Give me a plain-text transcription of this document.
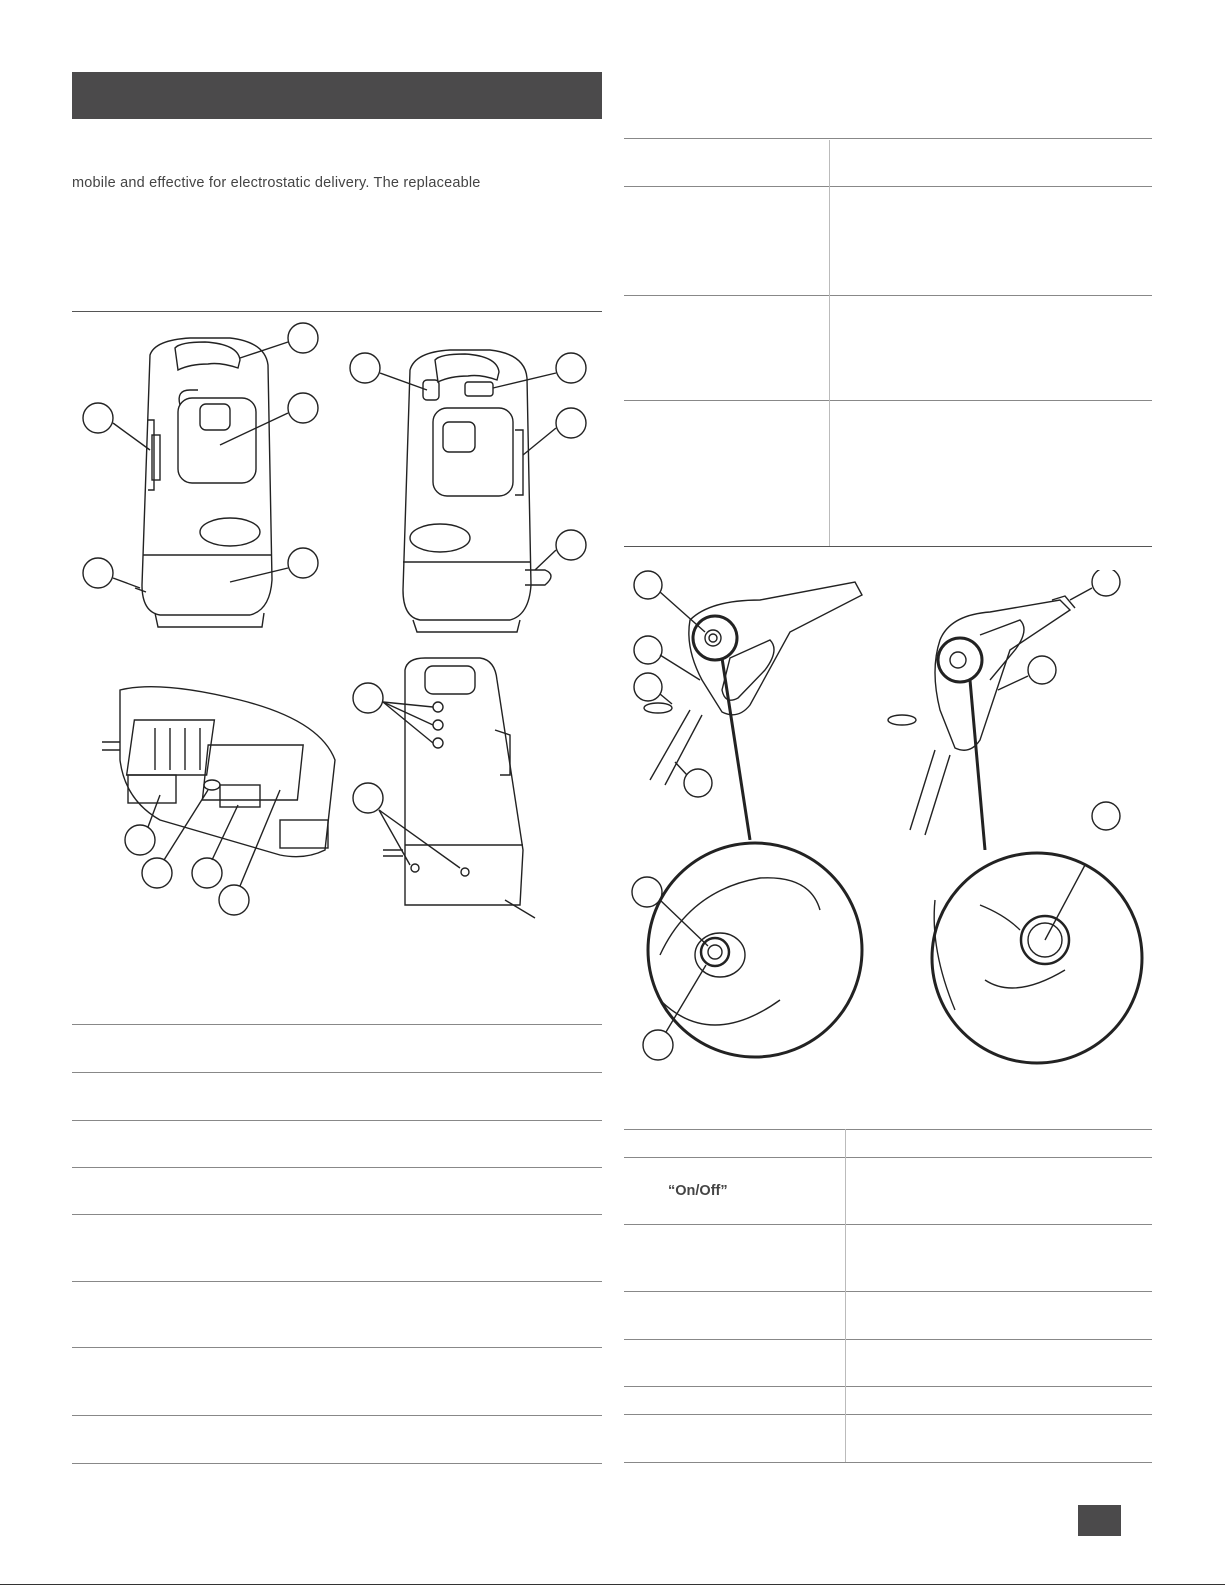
mobile and effective for electrostatic delivery. The replaceable
“On/Off”
